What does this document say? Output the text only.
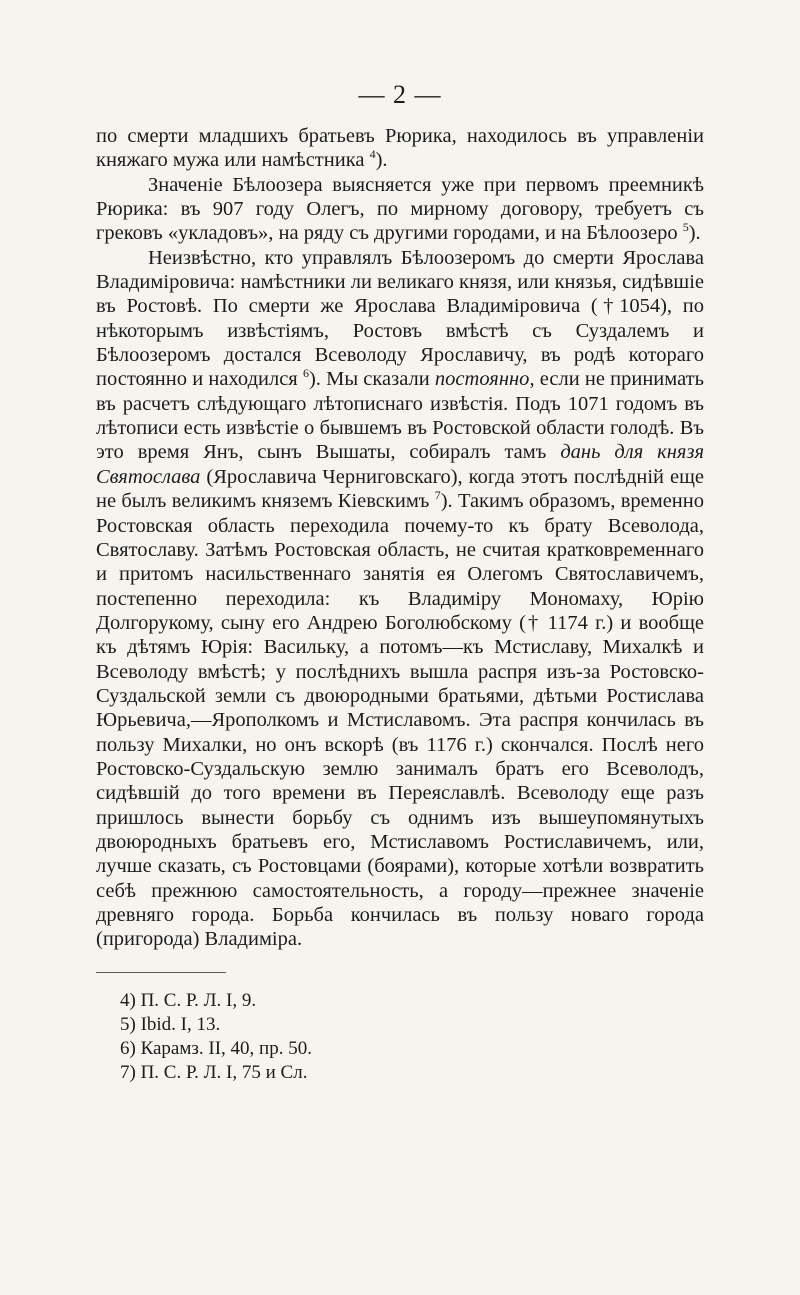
— 2 —

по смерти младшихъ братьевъ Рюрика, находилось въ управленіи княжаго мужа или намѣстника $^4$).

Значеніе Бѣлоозера выясняется уже при первомъ преемникѣ Рюрика: въ 907 году Олегъ, по мирному договору, требуетъ съ грековъ «укладовъ», на ряду съ другими городами, и на Бѣлоозеро $^5$).

Неизвѣстно, кто управлялъ Бѣлоозеромъ до смерти Ярослава Владиміровича: намѣстники ли великаго князя, или князья, сидѣвшіе въ Ростовѣ. По смерти же Ярослава Владиміровича (†1054), по нѣкоторымъ извѣстіямъ, Ростовъ вмѣстѣ съ Суздалемъ и Бѣлоозеромъ достался Всеволоду Ярославичу, въ родѣ котораго постоянно и находился $^6$). Мы сказали постоянно, если не принимать въ расчетъ слѣдующаго лѣтописнаго извѣстія. Подъ 1071 годомъ въ лѣтописи есть извѣстіе о бывшемъ въ Ростовской области голодѣ. Въ это время Янъ, сынъ Вышаты, собиралъ тамъ дань для князя Святослава (Ярославича Черниговскаго), когда этотъ послѣдній еще не былъ великимъ княземъ Кіевскимъ $^7$). Такимъ образомъ, временно Ростовская область переходила почему-то къ брату Всеволода, Святославу. Затѣмъ Ростовская область, не считая кратковременнаго и притомъ насильственнаго занятія ея Олегомъ Святославичемъ, постепенно переходила: къ Владиміру Мономаху, Юрію Долгорукому, сыну его Андрею Боголюбскому († 1174 г.) и вообще къ дѣтямъ Юрія: Васильку, а потомъ—къ Мстиславу, Михалкѣ и Всеволоду вмѣстѣ; у послѣднихъ вышла распря изъ-за Ростовско-Суздальской земли съ двоюродными братьями, дѣтьми Ростислава Юрьевича,—Ярополкомъ и Мстиславомъ. Эта распря кончилась въ пользу Михалки, но онъ вскорѣ (въ 1176 г.) скончался. Послѣ него Ростовско-Суздальскую землю занималъ братъ его Всеволодъ, сидѣвшій до того времени въ Переяславлѣ. Всеволоду еще разъ пришлось вынести борьбу съ однимъ изъ вышеупомянутыхъ двоюродныхъ братьевъ его, Мстиславомъ Ростиславичемъ, или, лучше сказать, съ Ростовцами (боярами), которые хотѣли возвратить себѣ прежнюю самостоятельность, а городу—прежнее значеніе древняго города. Борьба кончилась въ пользу новаго города (пригорода) Владиміра.

4) П. С. Р. Л. I, 9.
5) Ibid. I, 13.
6) Карамз. II, 40, пр. 50.
7) П. С. Р. Л. I, 75 и Сл.
